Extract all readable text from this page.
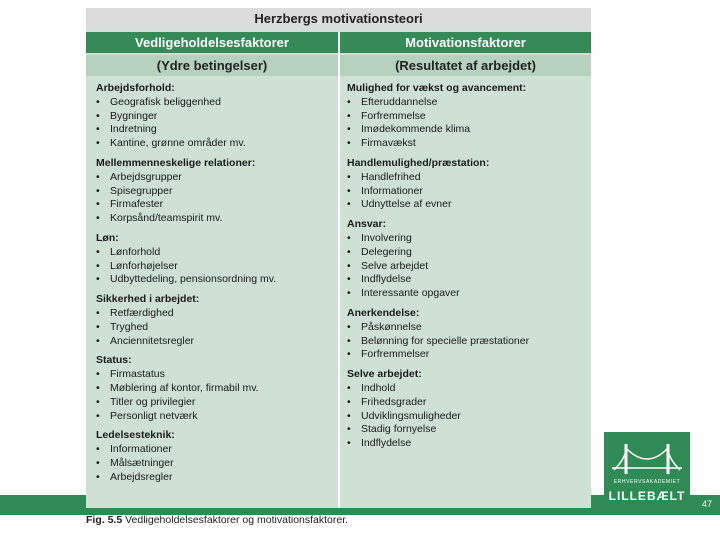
47
Herzbergs motivationsteori
Vedligeholdelsesfaktorer	Motivationsfaktorer
(Ydre betingelser)	(Resultatet af arbejdet)
Arbejdsforhold:
• Geografisk beliggenhed
• Bygninger
• Indretning
• Kantine, grønne områder mv.
Mellemmenneskelige relationer:
• Arbejdsgrupper
• Spisegrupper
• Firmafester
• Korpsånd/teamspirit mv.
Løn:
• Lønforhold
• Lønforhøjelser
• Udbyttedeling, pensionsordning mv.
Sikkerhed i arbejdet:
• Retfærdighed
• Tryghed
• Anciennitetsregler
Status:
• Firmastatus
• Møblering af kontor, firmabil mv.
• Titler og privilegier
• Personligt netværk
Ledelsesteknik:
• Informationer
• Målsætninger
• Arbejdsregler
Mulighed for vækst og avancement:
• Efteruddannelse
• Forfremmelse
• Imødekommende klima
• Firmavækst
Handlemulighed/præstation:
• Handlefrihed
• Informationer
• Udnyttelse af evner
Ansvar:
• Involvering
• Delegering
• Selve arbejdet
• Indflydelse
• Interessante opgaver
Anerkendelse:
• Påskønnelse
• Belønning for specielle præstationer
• Forfremmelser
Selve arbejdet:
• Indhold
• Frihedsgrader
• Udviklingsmuligheder
• Stadig fornyelse
• Indflydelse
Fig. 5.5 Vedligeholdelsesfaktorer og motivationsfaktorer.
ERHVERVSAKADEMIET
LILLEBÆLT
